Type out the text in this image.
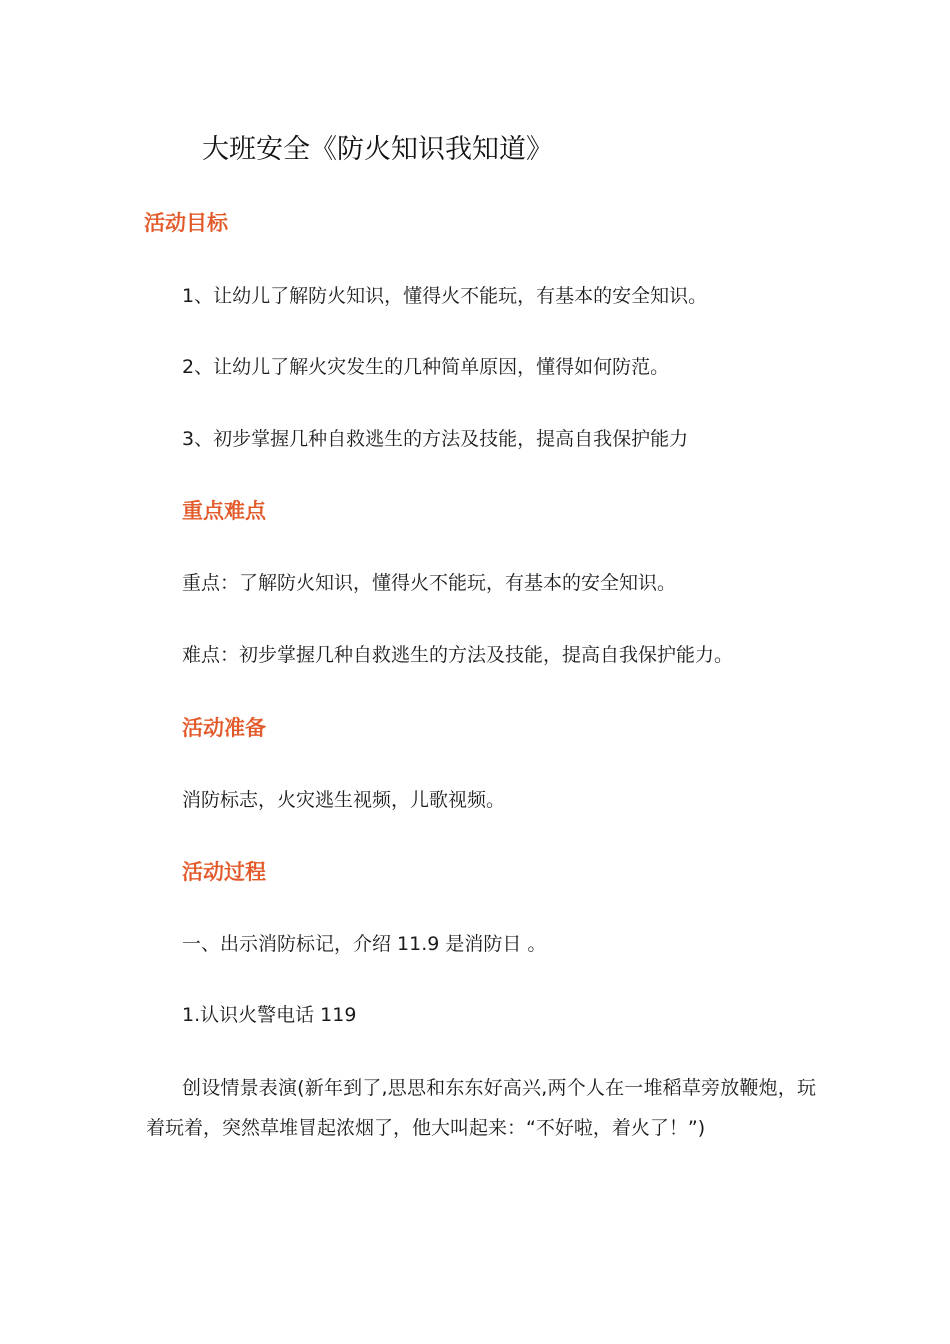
大班安全《防火知识我知道》
活动目标
1、让幼儿了解防火知识，懂得火不能玩，有基本的安全知识。
2、让幼儿了解火灾发生的几种简单原因，懂得如何防范。
3、初步掌握几种自救逃生的方法及技能，提高自我保护能力
重点难点
重点：了解防火知识，懂得火不能玩，有基本的安全知识。
难点：初步掌握几种自救逃生的方法及技能，提高自我保护能力。
活动准备
消防标志，火灾逃生视频，儿歌视频。
活动过程
一、出示消防标记，介绍 11.9 是消防日 。
1.认识火警电话 119
创设情景表演(新年到了,思思和东东好高兴,两个人在一堆稻草旁放鞭炮，玩着玩着，突然草堆冒起浓烟了，他大叫起来：“不好啦，着火了！”)
